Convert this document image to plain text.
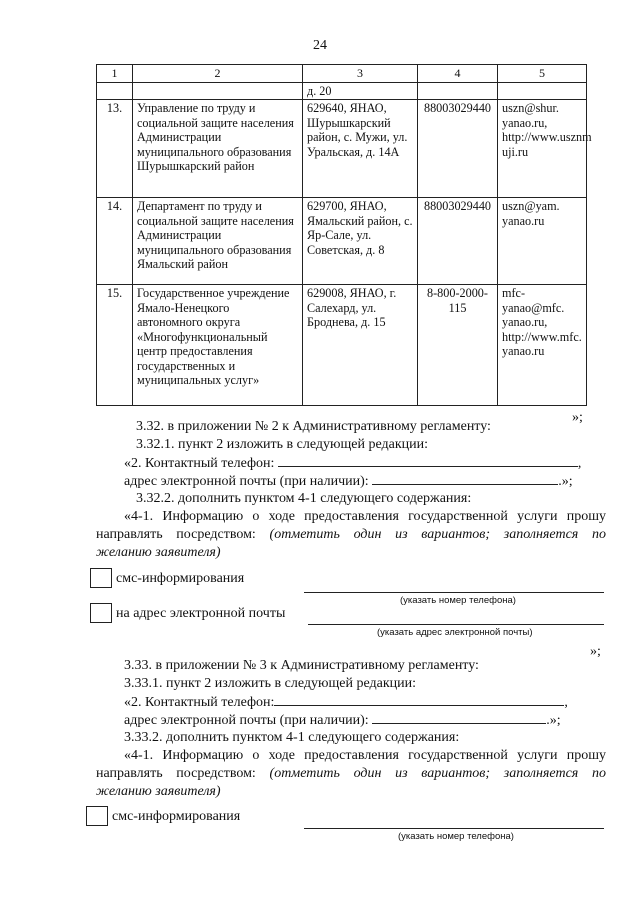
24
1	2	3	4	5
		д. 20		
13.	Управление по труду и социальной защите населения Администрации муниципального образования Шурышкарский район	629640, ЯНАО, Шурышкарский район, с. Мужи, ул. Уральская, д. 14А	88003029440	uszn@shur. yanao.ru, http://www.usznm uji.ru
14.	Департамент по труду и социальной защите населения Администрации муниципального образования Ямальский район	629700, ЯНАО, Ямальский район, с. Яр-Сале, ул. Советская, д. 8	88003029440	uszn@yam. yanao.ru
15.	Государственное учреждение Ямало-Ненецкого автономного округа «Многофункциональный центр предоставления государственных и муниципальных услуг»	629008, ЯНАО, г. Салехард, ул. Броднева, д. 15	8-800-2000-115	mfc-yanao@mfc. yanao.ru, http://www.mfc. yanao.ru
»;
3.32. в приложении № 2 к Административному регламенту:
3.32.1. пункт 2 изложить в следующей редакции:
«2. Контактный телефон:	,
адрес электронной почты (при наличии):	.»;
3.32.2. дополнить пунктом 4-1 следующего содержания:
«4-1. Информацию о ходе предоставления государственной услуги прошу
направлять посредством: (отметить один из вариантов; заполняется по
желанию заявителя)
смс-информирования
(указать номер телефона)
на адрес электронной почты
(указать адрес электронной почты)
»;
3.33. в приложении № 3 к Административному регламенту:
3.33.1. пункт 2 изложить в следующей редакции:
«2. Контактный телефон:	,
адрес электронной почты (при наличии):	.»;
3.33.2. дополнить пунктом 4-1 следующего содержания:
«4-1. Информацию о ходе предоставления государственной услуги прошу
направлять посредством: (отметить один из вариантов; заполняется по
желанию заявителя)
смс-информирования
(указать номер телефона)
